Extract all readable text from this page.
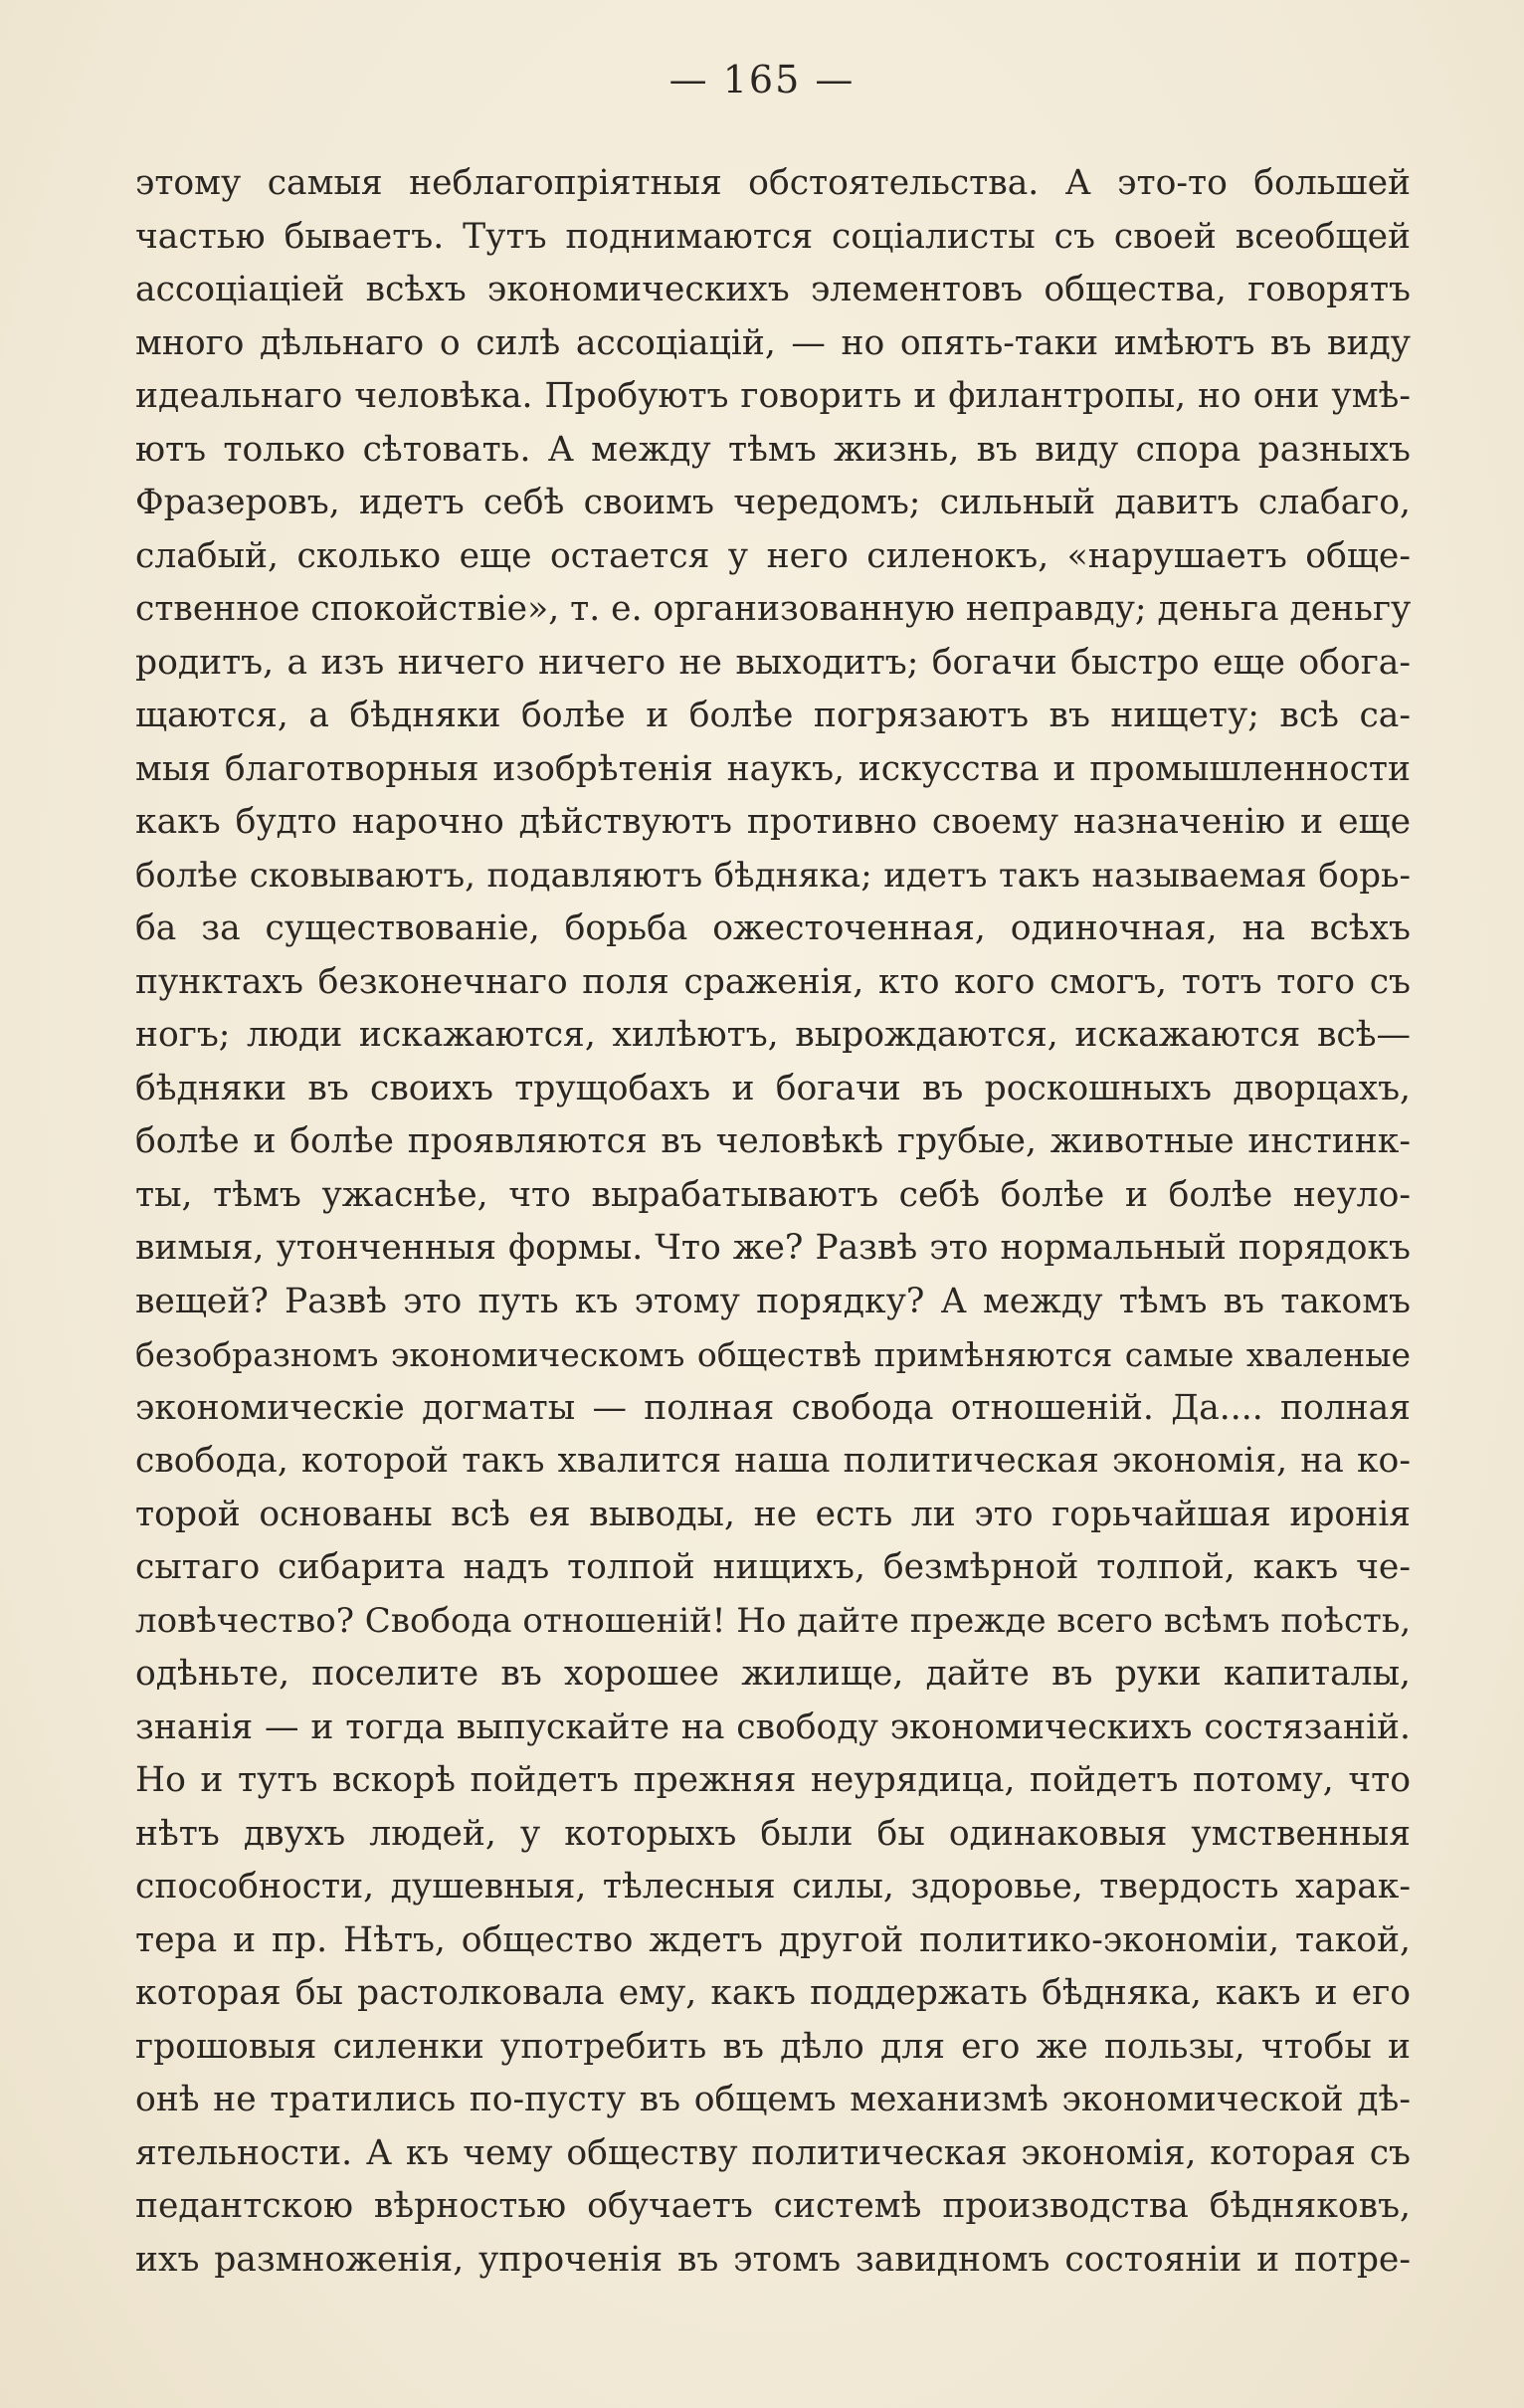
— 165 —
этому самыя неблагопріятныя обстоятельства. А это-то большей
частью бываетъ. Тутъ поднимаются соціалисты съ своей всеобщей
ассоціаціей всѣхъ экономическихъ элементовъ общества, говорятъ
много дѣльнаго о силѣ ассоціацій, — но опять-таки имѣютъ въ виду
идеальнаго человѣка. Пробуютъ говорить и филантропы, но они умѣ-
ютъ только сѣтовать. А между тѣмъ жизнь, въ виду спора разныхъ
Фразеровъ, идетъ себѣ своимъ чередомъ; сильный давитъ слабаго,
слабый, сколько еще остается у него силенокъ, «нарушаетъ обще-
ственное спокойствіе», т. е. организованную неправду; деньга деньгу
родитъ, а изъ ничего ничего не выходитъ; богачи быстро еще обога-
щаются, а бѣдняки болѣе и болѣе погрязаютъ въ нищету; всѣ са-
мыя благотворныя изобрѣтенія наукъ, искусства и промышленности
какъ будто нарочно дѣйствуютъ противно своему назначенію и еще
болѣе сковываютъ, подавляютъ бѣдняка; идетъ такъ называемая борь-
ба за существованіе, борьба ожесточенная, одиночная, на всѣхъ
пунктахъ безконечнаго поля сраженія, кто кого смогъ, тотъ того съ
ногъ; люди искажаются, хилѣютъ, вырождаются, искажаются всѣ—
бѣдняки въ своихъ трущобахъ и богачи въ роскошныхъ дворцахъ,
болѣе и болѣе проявляются въ человѣкѣ грубые, животные инстинк-
ты, тѣмъ ужаснѣе, что вырабатываютъ себѣ болѣе и болѣе неуло-
вимыя, утонченныя формы. Что же? Развѣ это нормальный порядокъ
вещей? Развѣ это путь къ этому порядку? А между тѣмъ въ такомъ
безобразномъ экономическомъ обществѣ примѣняются самые хваленые
экономическіе догматы — полная свобода отношеній. Да.... полная
свобода, которой такъ хвалится наша политическая экономія, на ко-
торой основаны всѣ ея выводы, не есть ли это горьчайшая иронія
сытаго сибарита надъ толпой нищихъ, безмѣрной толпой, какъ че-
ловѣчество? Свобода отношеній! Но дайте прежде всего всѣмъ поѣсть,
одѣньте, поселите въ хорошее жилище, дайте въ руки капиталы,
знанія — и тогда выпускайте на свободу экономическихъ состязаній.
Но и тутъ вскорѣ пойдетъ прежняя неурядица, пойдетъ потому, что
нѣтъ двухъ людей, у которыхъ были бы одинаковыя умственныя
способности, душевныя, тѣлесныя силы, здоровье, твердость харак-
тера и пр. Нѣтъ, общество ждетъ другой политико-экономіи, такой,
которая бы растолковала ему, какъ поддержать бѣдняка, какъ и его
грошовыя силенки употребить въ дѣло для его же пользы, чтобы и
онѣ не тратились по-пусту въ общемъ механизмѣ экономической дѣ-
ятельности. А къ чему обществу политическая экономія, которая съ
педантскою вѣрностью обучаетъ системѣ производства бѣдняковъ,
ихъ размноженія, упроченія въ этомъ завидномъ состояніи и потре-
